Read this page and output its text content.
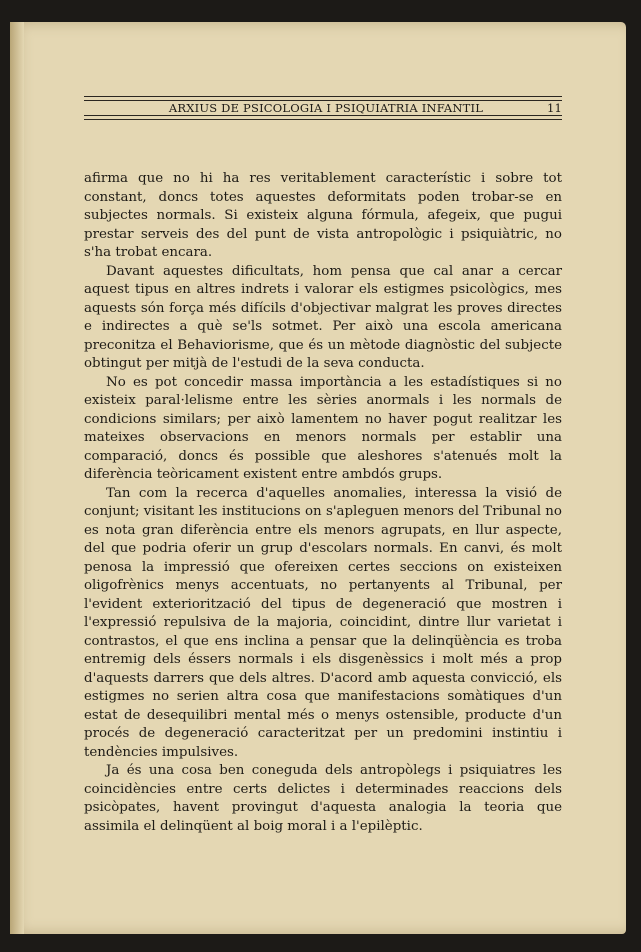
ARXIUS DE PSICOLOGIA I PSIQUIATRIA INFANTIL	11

afirma que no hi ha res veritablement característic i sobre tot constant, doncs totes aquestes deformitats poden trobar-se en subjectes normals. Si existeix alguna fórmula, afegeix, que pugui prestar serveis des del punt de vista antropològic i psiquiàtric, no s'ha trobat encara.

Davant aquestes dificultats, hom pensa que cal anar a cercar aquest tipus en altres indrets i valorar els estigmes psicològics, mes aquests són força més difícils d'objectivar malgrat les proves directes e indirectes a què se'ls sotmet. Per això una escola americana preconitza el Behaviorisme, que és un mètode diagnòstic del subjecte obtingut per mitjà de l'estudi de la seva conducta.

No es pot concedir massa importància a les estadístiques si no existeix paral·lelisme entre les sèries anormals i les normals de condicions similars; per això lamentem no haver pogut realitzar les mateixes observacions en menors normals per establir una comparació, doncs és possible que aleshores s'atenués molt la diferència teòricament existent entre ambdós grups.

Tan com la recerca d'aquelles anomalies, interessa la visió de conjunt; visitant les institucions on s'apleguen menors del Tribunal no es nota gran diferència entre els menors agrupats, en llur aspecte, del que podria oferir un grup d'escolars normals. En canvi, és molt penosa la impressió que ofereixen certes seccions on existeixen oligofrènics menys accentuats, no pertanyents al Tribunal, per l'evident exteriorització del tipus de degeneració que mostren i l'expressió repulsiva de la majoria, coincidint, dintre llur varietat i contrastos, el que ens inclina a pensar que la delinqüència es troba entremig dels éssers normals i els disgenèssics i molt més a prop d'aquests darrers que dels altres. D'acord amb aquesta convicció, els estigmes no serien altra cosa que manifestacions somàtiques d'un estat de desequilibri mental més o menys ostensible, producte d'un procés de degeneració caracteritzat per un predomini instintiu i tendències impulsives.

Ja és una cosa ben coneguda dels antropòlegs i psiquiatres les coincidències entre certs delictes i determinades reaccions dels psicòpates, havent provingut d'aquesta analogia la teoria que assimila el delinqüent al boig moral i a l'epilèptic.
